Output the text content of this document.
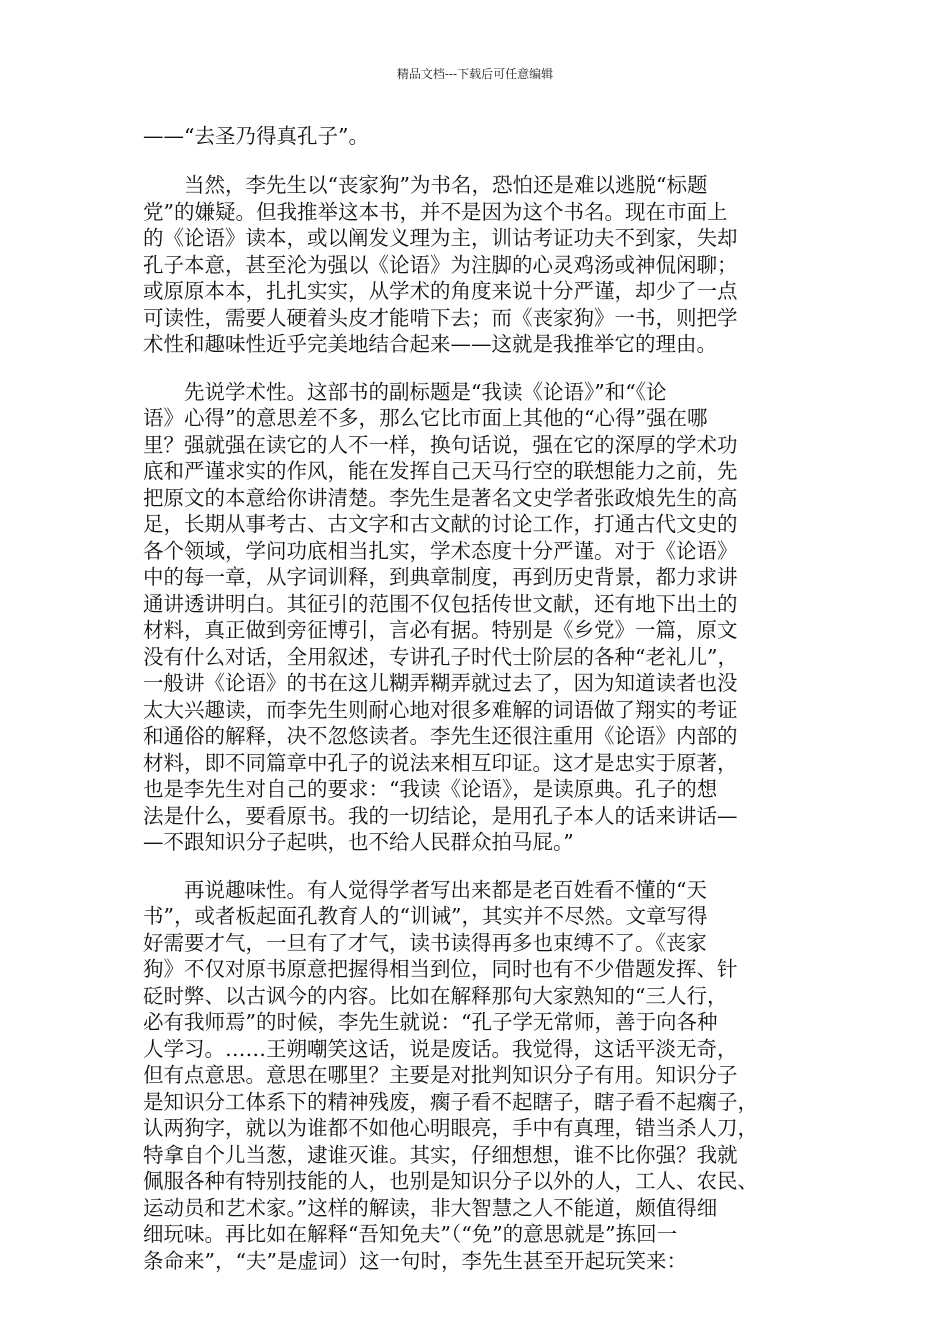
精品文档---下载后可任意编辑
——“去圣乃得真孔子”。
　　当然，李先生以“丧家狗”为书名，恐怕还是难以逃脱“标题
党”的嫌疑。但我推举这本书，并不是因为这个书名。现在市面上
的《论语》读本，或以阐发义理为主，训诂考证功夫不到家，失却
孔子本意，甚至沦为强以《论语》为注脚的心灵鸡汤或神侃闲聊；
或原原本本，扎扎实实，从学术的角度来说十分严谨，却少了一点
可读性，需要人硬着头皮才能啃下去；而《丧家狗》一书，则把学
术性和趣味性近乎完美地结合起来——这就是我推举它的理由。
　　先说学术性。这部书的副标题是“我读《论语》”和“《论
语》心得”的意思差不多，那么它比市面上其他的“心得”强在哪
里？强就强在读它的人不一样，换句话说，强在它的深厚的学术功
底和严谨求实的作风，能在发挥自己天马行空的联想能力之前，先
把原文的本意给你讲清楚。李先生是著名文史学者张政烺先生的高
足，长期从事考古、古文字和古文献的讨论工作，打通古代文史的
各个领域，学问功底相当扎实，学术态度十分严谨。对于《论语》
中的每一章，从字词训释，到典章制度，再到历史背景，都力求讲
通讲透讲明白。其征引的范围不仅包括传世文献，还有地下出土的
材料，真正做到旁征博引，言必有据。特别是《乡党》一篇，原文
没有什么对话，全用叙述，专讲孔子时代士阶层的各种“老礼儿”，
一般讲《论语》的书在这儿糊弄糊弄就过去了，因为知道读者也没
太大兴趣读，而李先生则耐心地对很多难解的词语做了翔实的考证
和通俗的解释，决不忽悠读者。李先生还很注重用《论语》内部的
材料，即不同篇章中孔子的说法来相互印证。这才是忠实于原著，
也是李先生对自己的要求：“我读《论语》，是读原典。孔子的想
法是什么，要看原书。我的一切结论，是用孔子本人的话来讲话—
—不跟知识分子起哄，也不给人民群众拍马屁。”
　　再说趣味性。有人觉得学者写出来都是老百姓看不懂的“天
书”，或者板起面孔教育人的“训诫”，其实并不尽然。文章写得
好需要才气，一旦有了才气，读书读得再多也束缚不了。《丧家
狗》不仅对原书原意把握得相当到位，同时也有不少借题发挥、针
砭时弊、以古讽今的内容。比如在解释那句大家熟知的“三人行，
必有我师焉”的时候，李先生就说：“孔子学无常师，善于向各种
人学习。……王朔嘲笑这话，说是废话。我觉得，这话平淡无奇，
但有点意思。意思在哪里？主要是对批判知识分子有用。知识分子
是知识分工体系下的精神残废，瘸子看不起瞎子，瞎子看不起瘸子，
认两狗字，就以为谁都不如他心明眼亮，手中有真理，错当杀人刀，
特拿自个儿当葱，逮谁灭谁。其实，仔细想想，谁不比你强？我就
佩服各种有特别技能的人，也别是知识分子以外的人，工人、农民、
运动员和艺术家。”这样的解读，非大智慧之人不能道，颇值得细
细玩味。再比如在解释“吾知免夫”（“免”的意思就是”拣回一
条命来”，“夫”是虚词）这一句时，李先生甚至开起玩笑来：
